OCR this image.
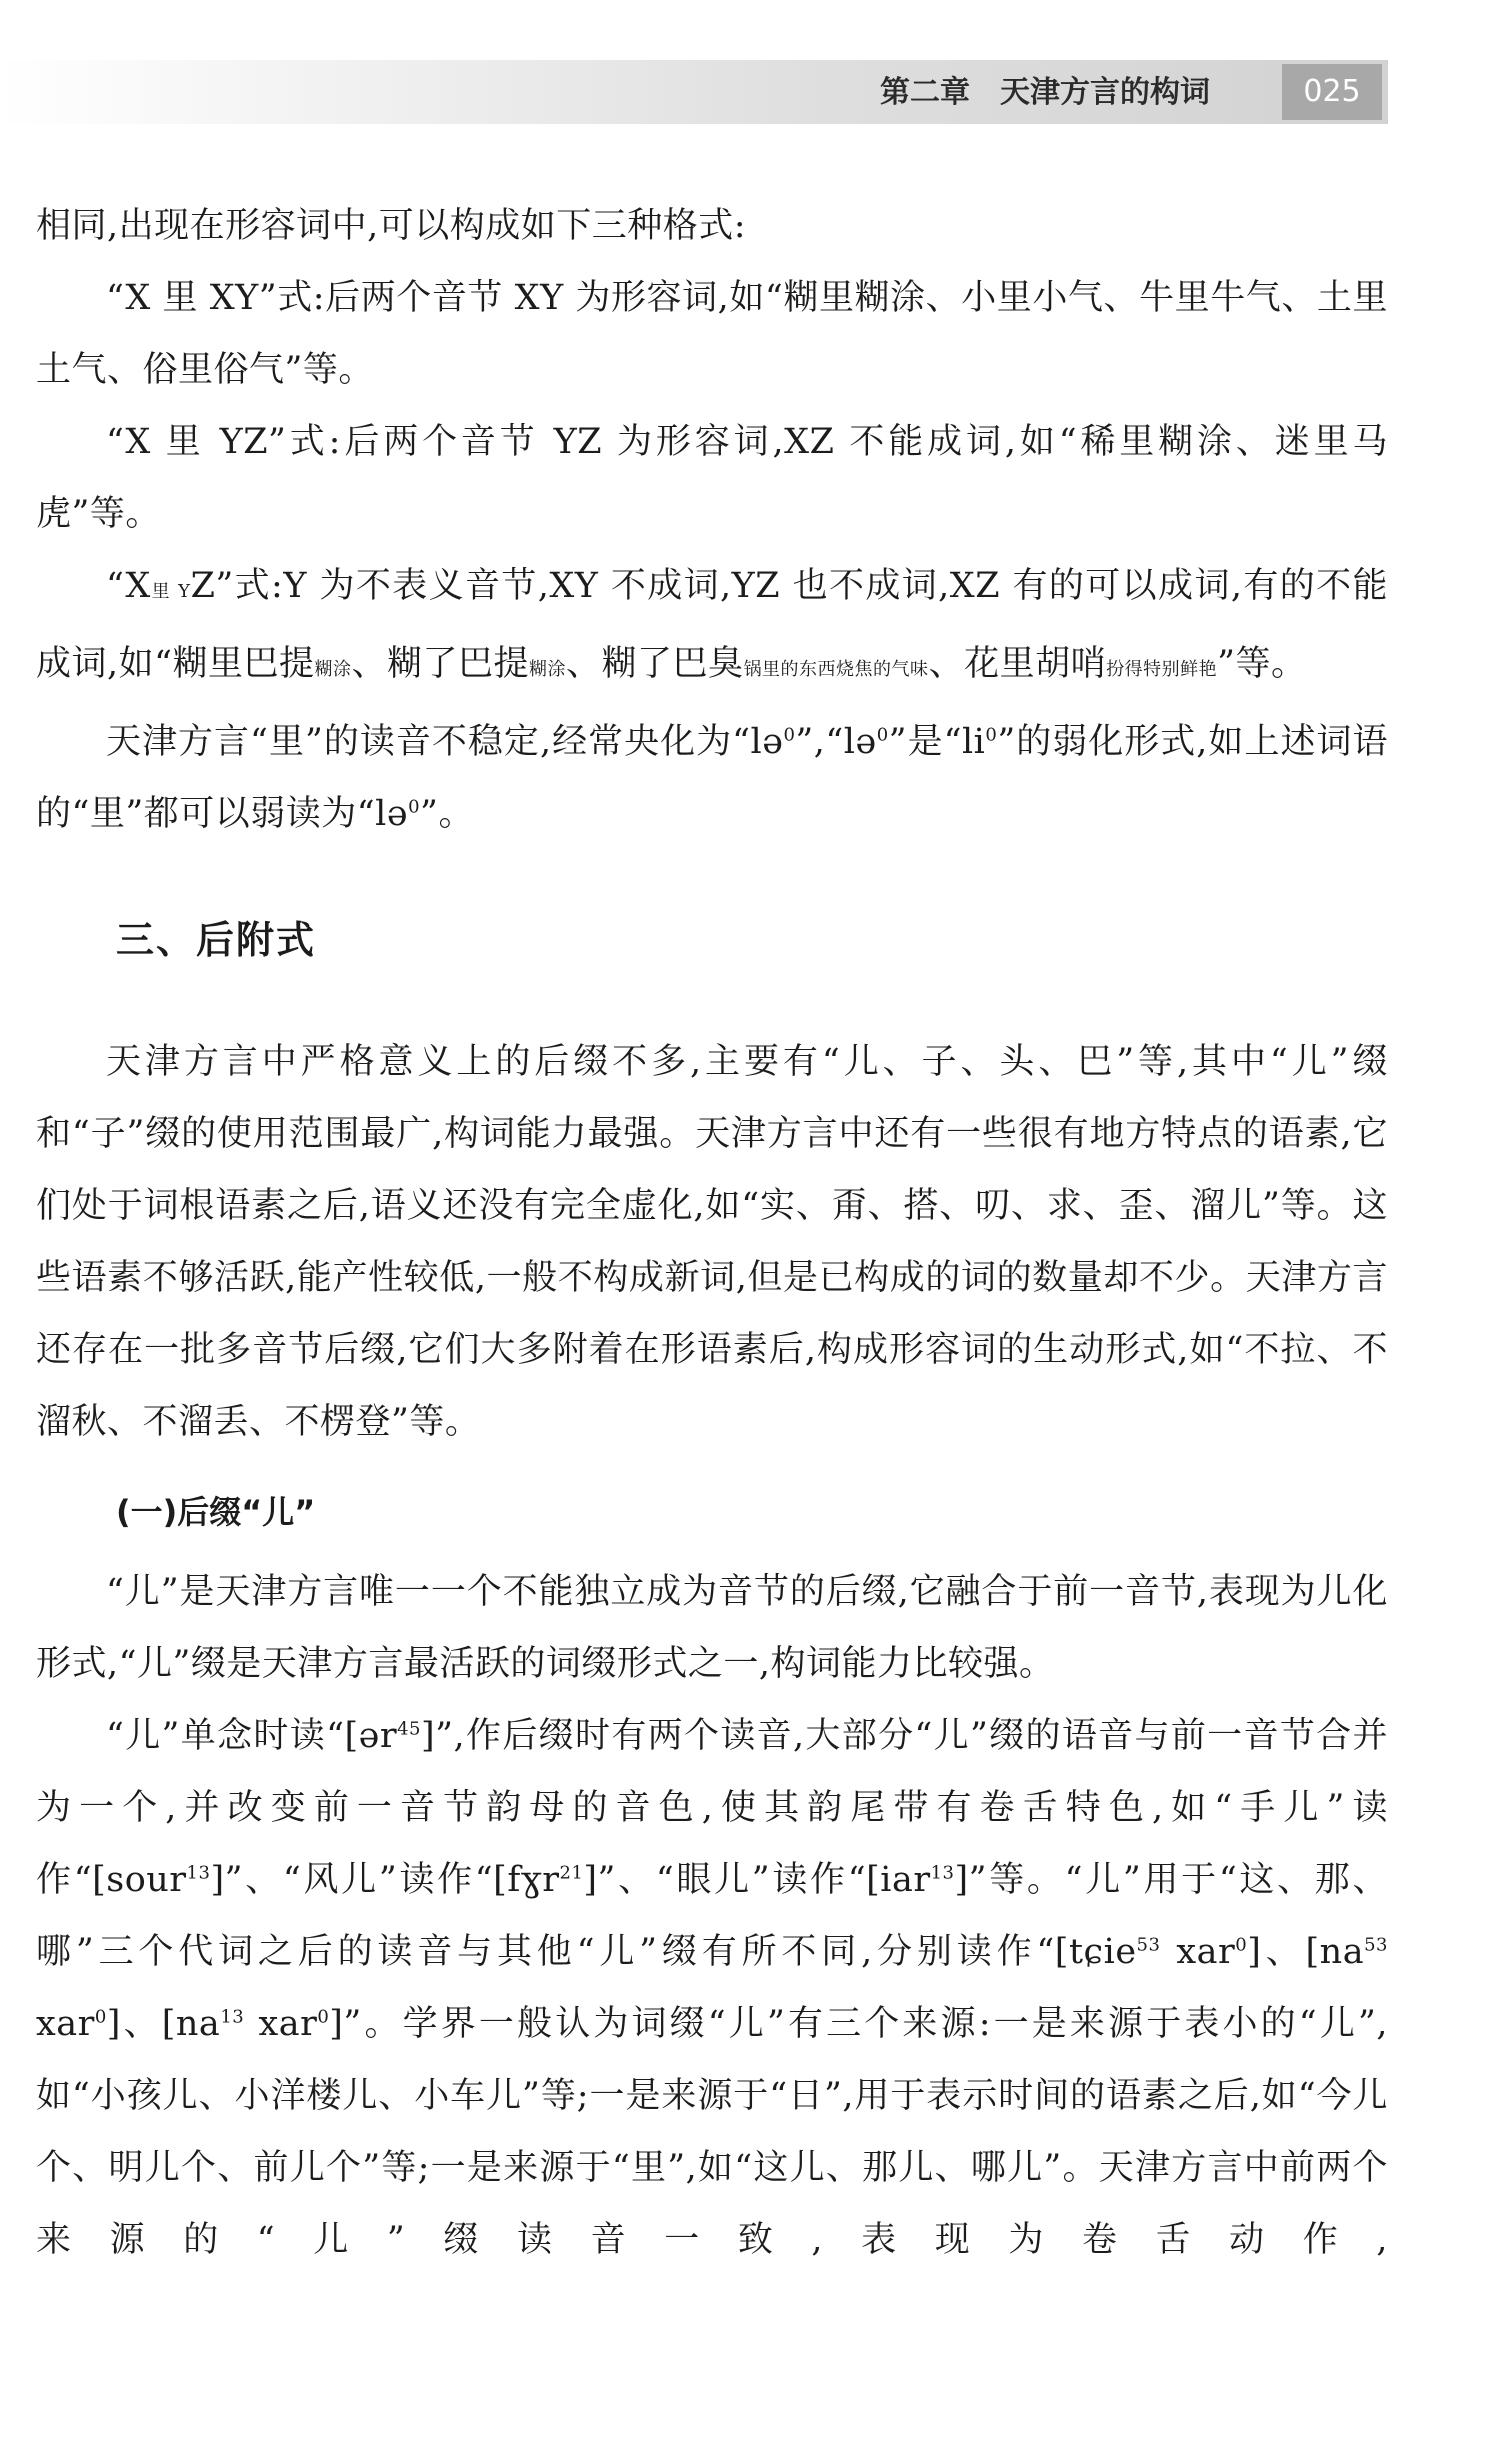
第二章　天津方言的构词	025

相同,出现在形容词中,可以构成如下三种格式:

“X 里 XY”式:后两个音节 XY 为形容词,如“糊里糊涂、小里小气、牛里牛气、土里土气、俗里俗气”等。

“X 里 YZ”式:后两个音节 YZ 为形容词,XZ 不能成词,如“稀里糊涂、迷里马虎”等。

“X里 YZ”式:Y 为不表义音节,XY 不成词,YZ 也不成词,XZ 有的可以成词,有的不能成词,如“糊里巴提糊涂、糊了巴提糊涂、糊了巴臭锅里的东西烧焦的气味、花里胡哨扮得特别鲜艳”等。

天津方言“里”的读音不稳定,经常央化为“lə$^0$”,“lə$^0$”是“$li^0$”的弱化形式,如上述词语的“里”都可以弱读为“lə$^0$”。

三、后附式

天津方言中严格意义上的后缀不多,主要有“儿、子、头、巴”等,其中“儿”缀和“子”缀的使用范围最广,构词能力最强。天津方言中还有一些很有地方特点的语素,它们处于词根语素之后,语义还没有完全虚化,如“实、甭、搭、叨、求、歪、溜儿”等。这些语素不够活跃,能产性较低,一般不构成新词,但是已构成的词的数量却不少。天津方言还存在一批多音节后缀,它们大多附着在形语素后,构成形容词的生动形式,如“不拉、不溜秋、不溜丢、不楞登”等。

(一)后缀“儿”

“儿”是天津方言唯一一个不能独立成为音节的后缀,它融合于前一音节,表现为儿化形式,“儿”缀是天津方言最活跃的词缀形式之一,构词能力比较强。

“儿”单念时读“[ər$^{45}$]”,作后缀时有两个读音,大部分“儿”缀的语音与前一音节合并为一个,并改变前一音节韵母的音色,使其韵尾带有卷舌特色,如“手儿”读作“[sour$^{13}$]”、“风儿”读作“[fɣr$^{21}$]”、“眼儿”读作“[iar$^{13}$]”等。“儿”用于“这、那、哪”三个代词之后的读音与其他“儿”缀有所不同,分别读作“[tɕie$^{53}$ xar$^0$]、[$na^{53}$ xar$^0$]、[$na^{13}$ xar$^0$]”。学界一般认为词缀“儿”有三个来源:一是来源于表小的“儿”,如“小孩儿、小洋楼儿、小车儿”等;一是来源于“日”,用于表示时间的语素之后,如“今儿个、明儿个、前儿个”等;一是来源于“里”,如“这儿、那儿、哪儿”。天津方言中前两个来源的“儿”缀读音一致,表现为卷舌动作,
